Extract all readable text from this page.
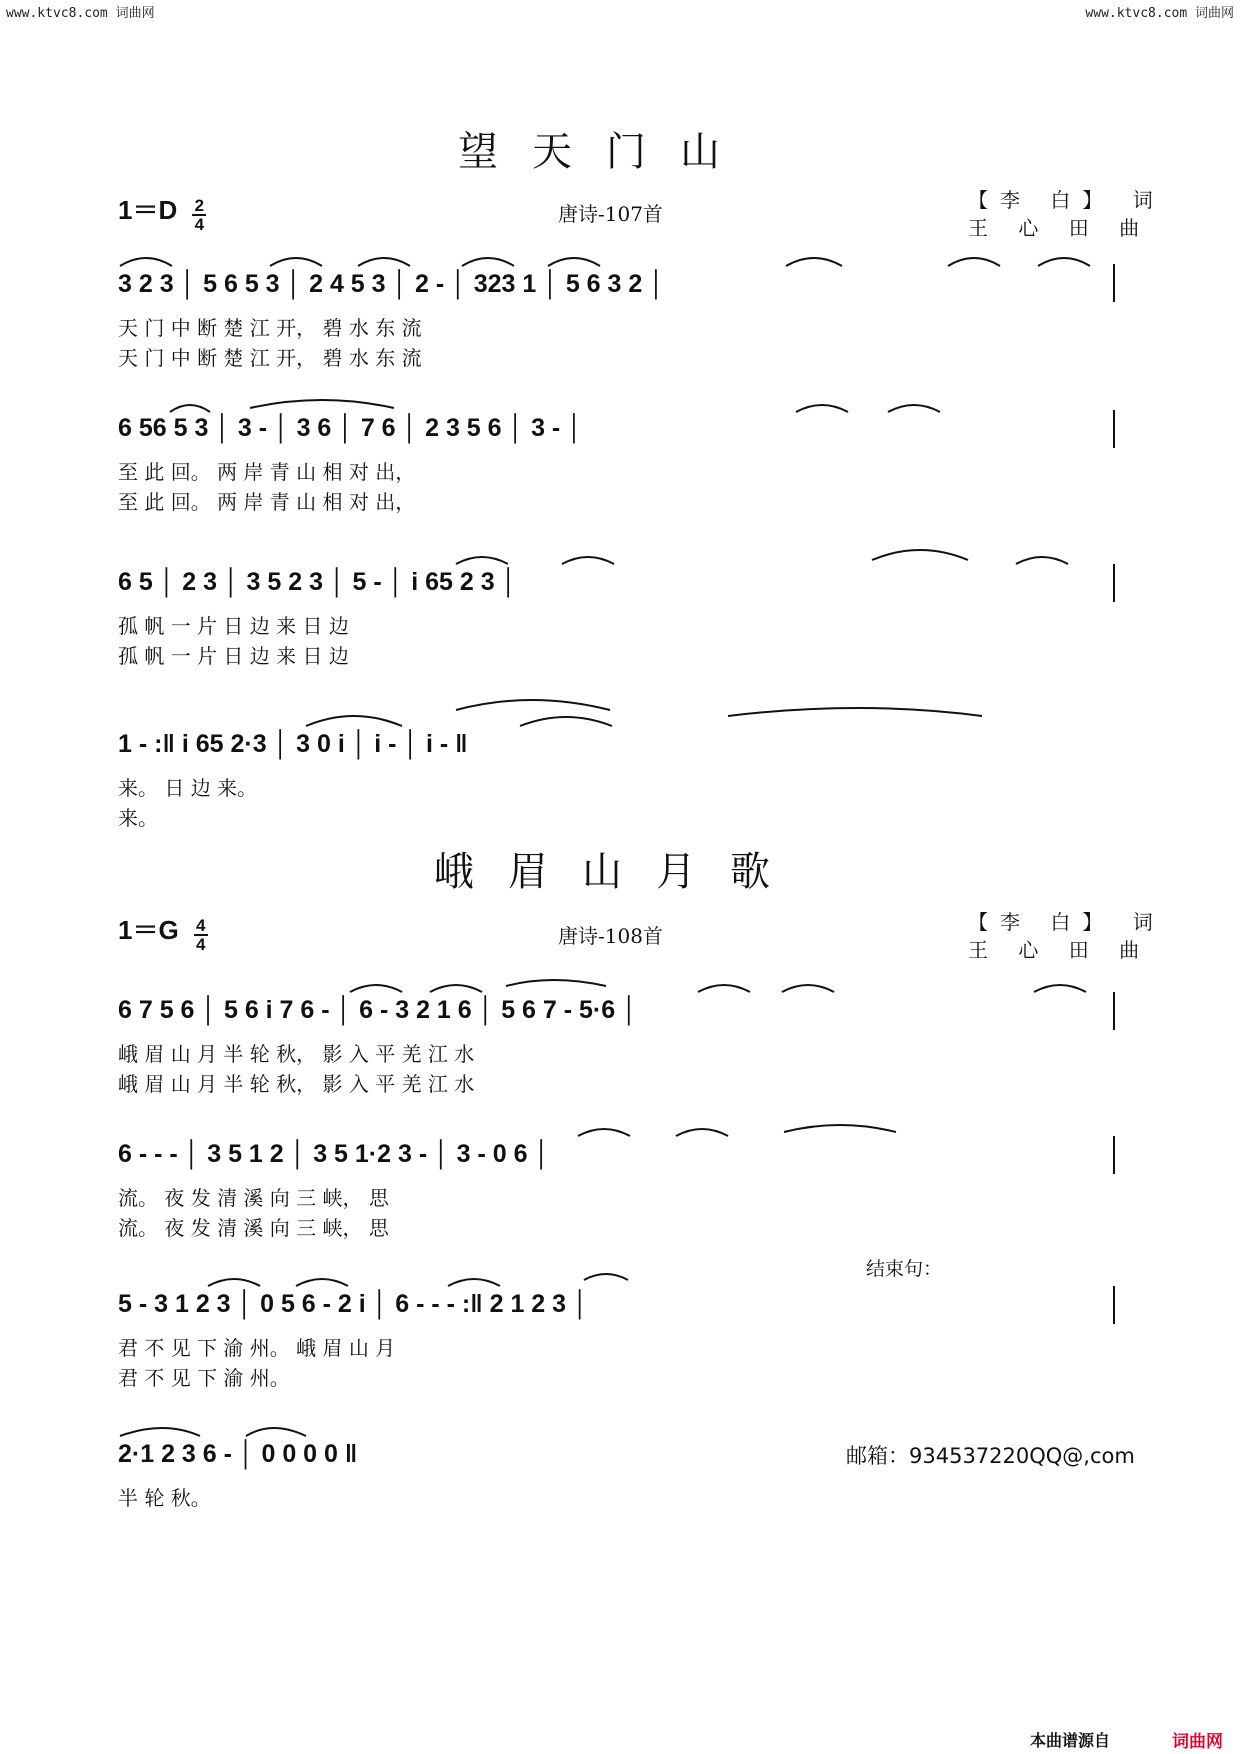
www.ktvc8.com 词曲网	www.ktvc8.com 词曲网
望天门山
$1=D \frac{2}{4}$	唐诗-107首
【李 白】 词
王 心 田 曲
3 2 3 │ 5 6 5 3 │ 2 4 5 3 │ 2 - │ 323 1 │ 5 6 3 2 │
天 门 中 断 楚 江 开， 碧 水 东 流
天 门 中 断 楚 江 开， 碧 水 东 流
6 56 5 3 │ 3 - │ 3 6 │ 7 6 │ 2 3 5 6 │ 3 - │
至 此 回。 两 岸 青 山 相 对 出，
至 此 回。 两 岸 青 山 相 对 出，
6 5 │ 2 3 │ 3 5 2 3 │ 5 - │ i 65 2 3 │
孤 帆 一 片 日 边 来 日 边
孤 帆 一 片 日 边 来 日 边
1 - :‖ i 65 2·3 │ 3 0 i │ i - │ i - ‖
来。 日 边 来。
来。
峨眉山月歌
$1=G \frac{4}{4}$	唐诗-108首
【李 白】 词
王 心 田 曲
6 7 5 6 │ 5 6 i 7 6 - │ 6 - 3 2 1 6 │ 5 6 7 - 5·6 │
峨 眉 山 月 半 轮 秋， 影 入 平 羌 江 水
峨 眉 山 月 半 轮 秋， 影 入 平 羌 江 水
6 - - - │ 3 5 1 2 │ 3 5 1·2 3 - │ 3 - 0 6 │
流。 夜 发 清 溪 向 三 峡， 思
流。 夜 发 清 溪 向 三 峡， 思
结束句：
5 - 3 1 2 3 │ 0 5 6 - 2 i │ 6 - - - :‖ 2 1 2 3 │
君 不 见 下 渝 州。 峨 眉 山 月
君 不 见 下 渝 州。
2·1 2 3 6 - │ 0 0 0 0 ‖	邮箱：934537220QQ@,com
半 轮 秋。
本曲谱源自	词曲网
